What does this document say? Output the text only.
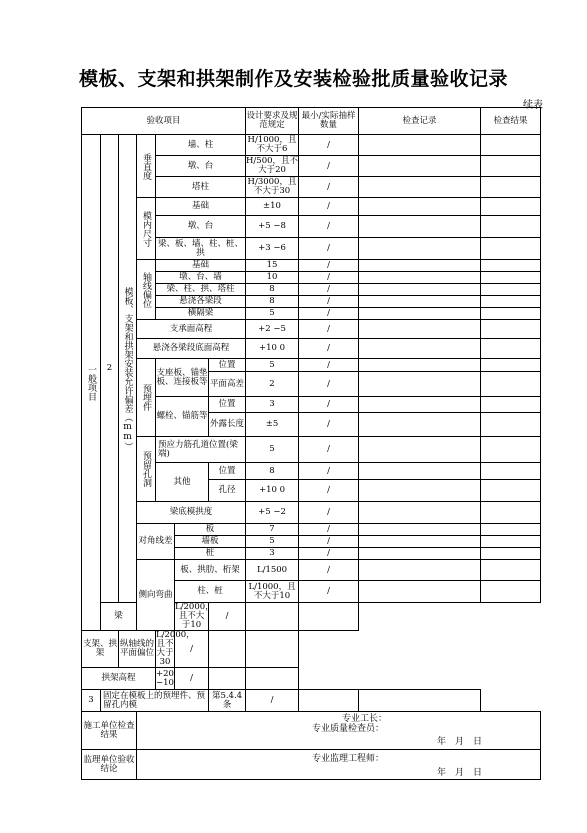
模板、支架和拱架制作及安装检验批质量验收记录
续表
验收项目							设计要求及规范规定	最小/实际抽样数量	检查记录	检查结果
一般项目	2	模板、支架和拱架安装允许偏差（mm）	垂直度	墙、柱			H/1000，且不大于6	/		
				墩、台			H/500，且不大于20	/		
				塔柱			H/3000，且不大于30	/		
			模内尺寸	基础			±10	/		
				墩、台			+5 −8	/		
				梁、板、墙、柱、桩、拱			+3 −6	/		
			轴线偏位	基础			15	/		
				墩、台、墙			10	/		
				梁、柱、拱、塔柱			8	/		
				悬浇各梁段			8	/		
				横隔梁			5	/		
			支承面高程				+2 −5	/		
			悬浇各梁段底面高程				+10 0	/		
			预埋件	支座板、锚垫板、连接板等		位置	5	/		
						平面高差	2	/		
				螺栓、锚筋等		位置	3	/		
						外露长度	±5	/		
			预留孔洞	预应力筋孔道位置(梁端)			5	/		
				其他		位置	8	/		
						孔径	+10 0	/		
			梁底模拱度				+5 −2	/		
			对角线差		板		7	/		
					墙板		5	/		
					桩		3	/		
			侧向弯曲		板、拱肋、桁架		L/1500	/		
					柱、桩		L/1000，且不大于10	/		
	梁				L/2000，且不大于10	/				
支架、拱架		纵轴线的平面偏位		L/2000，且不大于30	/					
拱架高程				+20 −10	/					
3	固定在模板上的预埋件、预留孔内模					第5.4.4条	/			
施工单位检查结果			专业工长：
专业质量检查员：
年　月　日							

监理单位验收结论			专业监理工程师：
年　月　日							
